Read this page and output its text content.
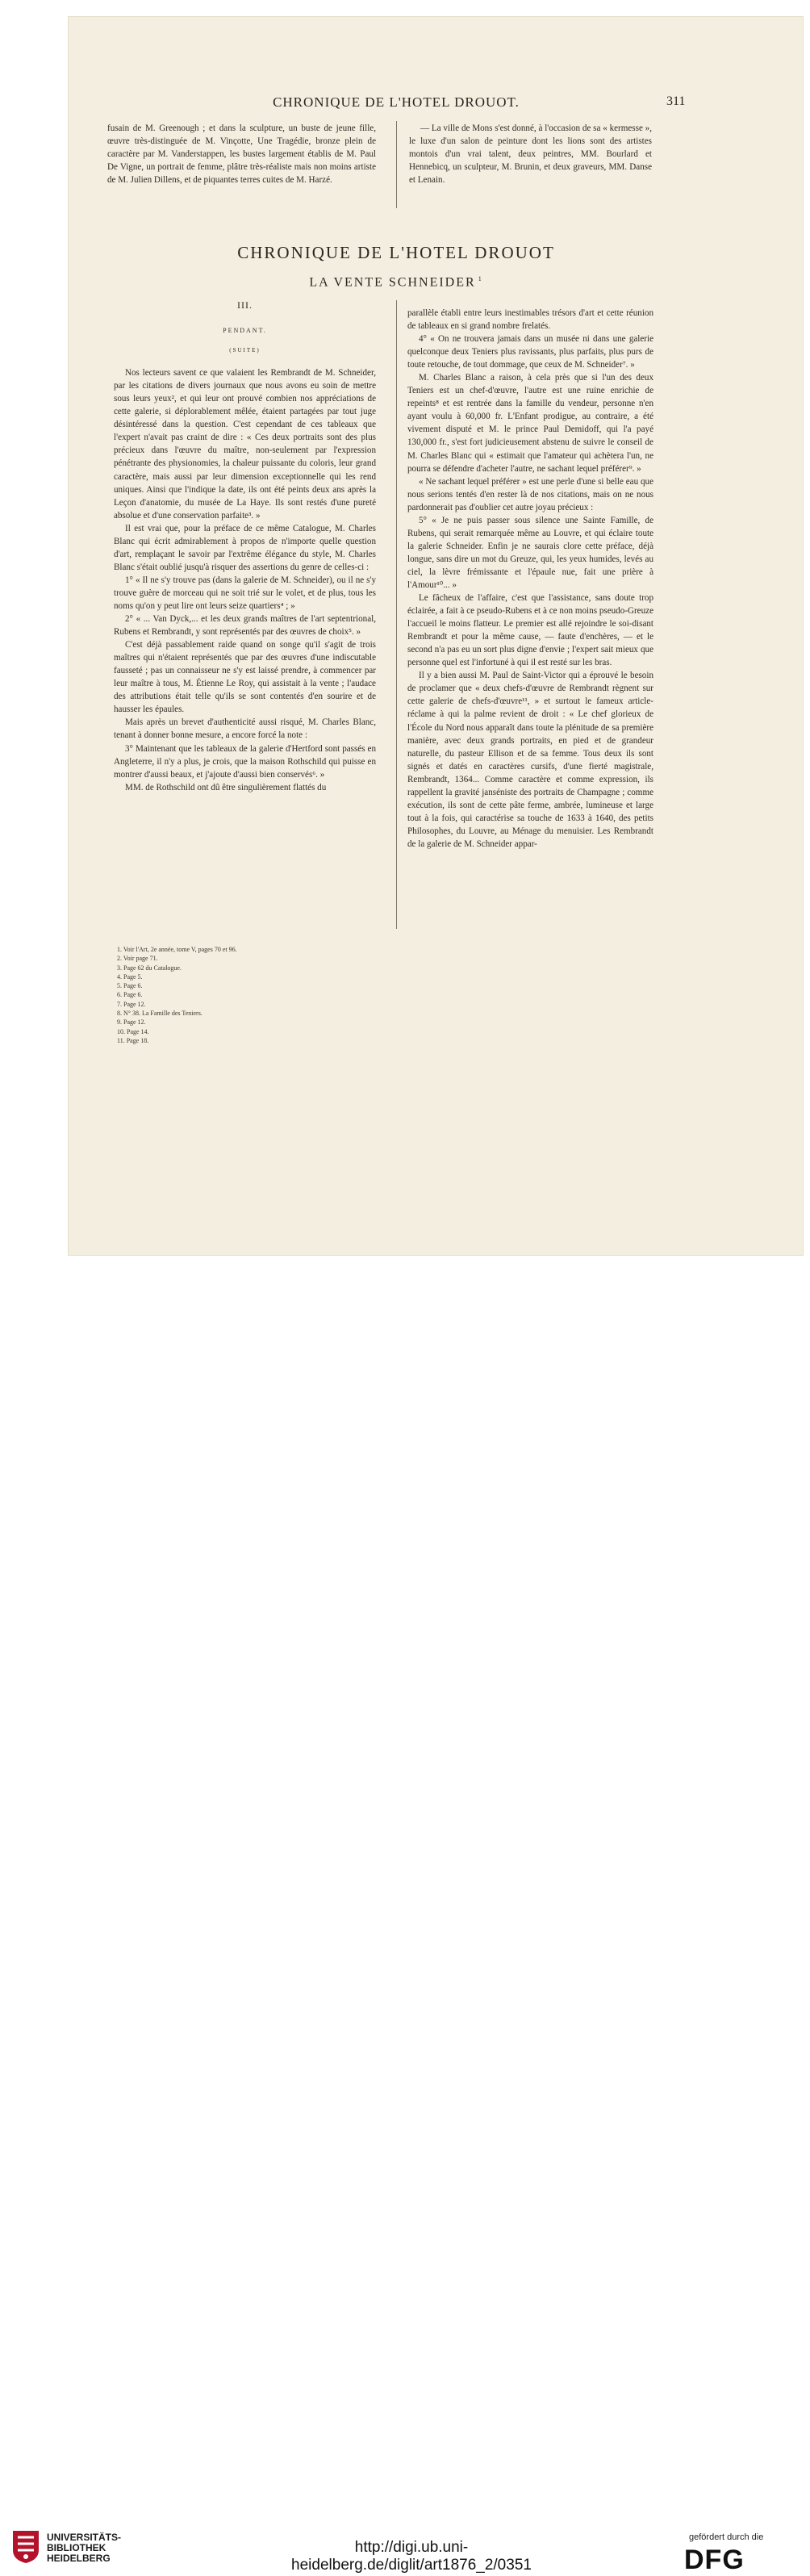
CHRONIQUE DE L'HOTEL DROUOT.	311

fusain de M. Greenough ; et dans la sculpture, un buste de jeune fille, œuvre très-distinguée de M. Vinçotte, Une Tragédie, bronze plein de caractère par M. Vanderstappen, les bustes largement établis de M. Paul De Vigne, un portrait de femme, plâtre très-réaliste mais non moins artiste de M. Julien Dillens, et de piquantes terres cuites de M. Harzé.

— La ville de Mons s'est donné, à l'occasion de sa « kermesse », le luxe d'un salon de peinture dont les lions sont des artistes montois d'un vrai talent, deux peintres, MM. Bourlard et Hennebicq, un sculpteur, M. Brunin, et deux graveurs, MM. Danse et Lenain.

CHRONIQUE DE L'HOTEL DROUOT
LA VENTE SCHNEIDER $^1$
III.
PENDANT.
(SUITE)

Nos lecteurs savent ce que valaient les Rembrandt de M. Schneider, par les citations de divers journaux que nous avons eu soin de mettre sous leurs yeux², et qui leur ont prouvé combien nos appréciations de cette galerie, si déplorablement mêlée, étaient partagées par tout juge désintéressé dans la question. C'est cependant de ces tableaux que l'expert n'avait pas craint de dire : « Ces deux portraits sont des plus précieux dans l'œuvre du maître, non-seulement par l'expression pénétrante des physionomies, la chaleur puissante du coloris, leur grand caractère, mais aussi par leur dimension exceptionnelle qui les rend uniques. Ainsi que l'indique la date, ils ont été peints deux ans après la Leçon d'anatomie, du musée de La Haye. Ils sont restés d'une pureté absolue et d'une conservation parfaite³. »

Il est vrai que, pour la préface de ce même Catalogue, M. Charles Blanc qui écrit admirablement à propos de n'importe quelle question d'art, remplaçant le savoir par l'extrême élégance du style, M. Charles Blanc s'était oublié jusqu'à risquer des assertions du genre de celles-ci :

1° « Il ne s'y trouve pas (dans la galerie de M. Schneider), ou il ne s'y trouve guère de morceau qui ne soit trié sur le volet, et de plus, tous les noms qu'on y peut lire ont leurs seize quartiers⁴ ; »

2° « ... Van Dyck,... et les deux grands maîtres de l'art septentrional, Rubens et Rembrandt, y sont représentés par des œuvres de choix⁵. »

C'est déjà passablement raide quand on songe qu'il s'agit de trois maîtres qui n'étaient représentés que par des œuvres d'une indiscutable fausseté ; pas un connaisseur ne s'y est laissé prendre, à commencer par leur maître à tous, M. Étienne Le Roy, qui assistait à la vente ; l'audace des attributions était telle qu'ils se sont contentés d'en sourire et de hausser les épaules.

Mais après un brevet d'authenticité aussi risqué, M. Charles Blanc, tenant à donner bonne mesure, a encore forcé la note :

3° Maintenant que les tableaux de la galerie d'Hertford sont passés en Angleterre, il n'y a plus, je crois, que la maison Rothschild qui puisse en montrer d'aussi beaux, et j'ajoute d'aussi bien conservés⁶. »

MM. de Rothschild ont dû être singulièrement flattés du

parallèle établi entre leurs inestimables trésors d'art et cette réunion de tableaux en si grand nombre frelatés.

4° « On ne trouvera jamais dans un musée ni dans une galerie quelconque deux Teniers plus ravissants, plus parfaits, plus purs de toute retouche, de tout dommage, que ceux de M. Schneider⁷. »

M. Charles Blanc a raison, à cela près que si l'un des deux Teniers est un chef-d'œuvre, l'autre est une ruine enrichie de repeints⁸ et est rentrée dans la famille du vendeur, personne n'en ayant voulu à 60,000 fr. L'Enfant prodigue, au contraire, a été vivement disputé et M. le prince Paul Demidoff, qui l'a payé 130,000 fr., s'est fort judicieusement abstenu de suivre le conseil de M. Charles Blanc qui « estimait que l'amateur qui achètera l'un, ne pourra se défendre d'acheter l'autre, ne sachant lequel préférer⁹. »

« Ne sachant lequel préférer » est une perle d'une si belle eau que nous serions tentés d'en rester là de nos citations, mais on ne nous pardonnerait pas d'oublier cet autre joyau précieux :

5° « Je ne puis passer sous silence une Sainte Famille, de Rubens, qui serait remarquée même au Louvre, et qui éclaire toute la galerie Schneider. Enfin je ne saurais clore cette préface, déjà longue, sans dire un mot du Greuze, qui, les yeux humides, levés au ciel, la lèvre frémissante et l'épaule nue, fait une prière à l'Amour¹⁰... »

Le fâcheux de l'affaire, c'est que l'assistance, sans doute trop éclairée, a fait à ce pseudo-Rubens et à ce non moins pseudo-Greuze l'accueil le moins flatteur. Le premier est allé rejoindre le soi-disant Rembrandt et pour la même cause, — faute d'enchères, — et le second n'a pas eu un sort plus digne d'envie ; l'expert sait mieux que personne quel est l'infortuné à qui il est resté sur les bras.

Il y a bien aussi M. Paul de Saint-Victor qui a éprouvé le besoin de proclamer que « deux chefs-d'œuvre de Rembrandt règnent sur cette galerie de chefs-d'œuvre¹¹, » et surtout le fameux article-réclame à qui la palme revient de droit : « Le chef glorieux de l'École du Nord nous apparaît dans toute la plénitude de sa première manière, avec deux grands portraits, en pied et de grandeur naturelle, du pasteur Ellison et de sa femme. Tous deux ils sont signés et datés en caractères cursifs, d'une fierté magistrale, Rembrandt, 1364... Comme caractère et comme expression, ils rappellent la gravité janséniste des portraits de Champagne ; comme exécution, ils sont de cette pâte ferme, ambrée, lumineuse et large tout à la fois, qui caractérise sa touche de 1633 à 1640, des petits Philosophes, du Louvre, au Ménage du menuisier. Les Rembrandt de la galerie de M. Schneider appar-

1. Voir l'Art, 2e année, tome V, pages 70 et 96.
2. Voir page 71.
3. Page 62 du Catalogue.
4. Page 5.
5. Page 6.
6. Page 6.
7. Page 12.
8. N° 38. La Famille des Teniers.
9. Page 12.
10. Page 14.
11. Page 18.
UNIVERSITÄTS-
BIBLIOTHEK
HEIDELBERG
http://digi.ub.uni-heidelberg.de/diglit/art1876_2/0351
gefördert durch die
DFG
